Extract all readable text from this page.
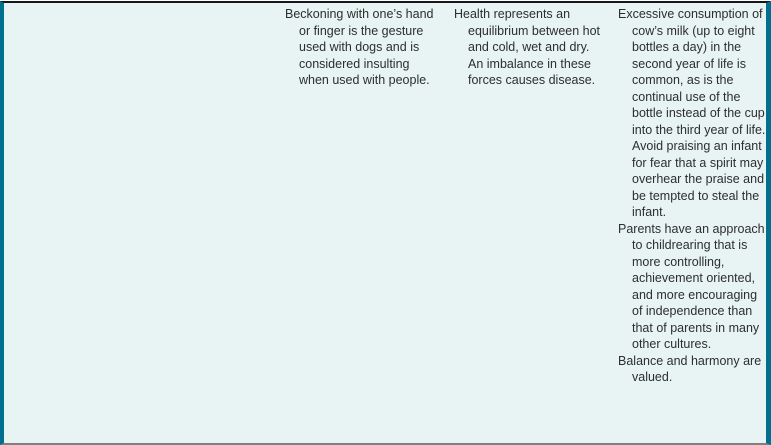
Beckoning with one’s hand or finger is the gesture used with dogs and is considered insulting when used with people.

Health represents an equilibrium between hot and cold, wet and dry. An imbalance in these forces causes disease.

Excessive consumption of cow’s milk (up to eight bottles a day) in the second year of life is common, as is the continual use of the bottle instead of the cup into the third year of life. Avoid praising an infant for fear that a spirit may overhear the praise and be tempted to steal the infant.

Parents have an approach to childrearing that is more controlling, achievement oriented, and more encouraging of independence than that of parents in many other cultures.

Balance and harmony are valued.
